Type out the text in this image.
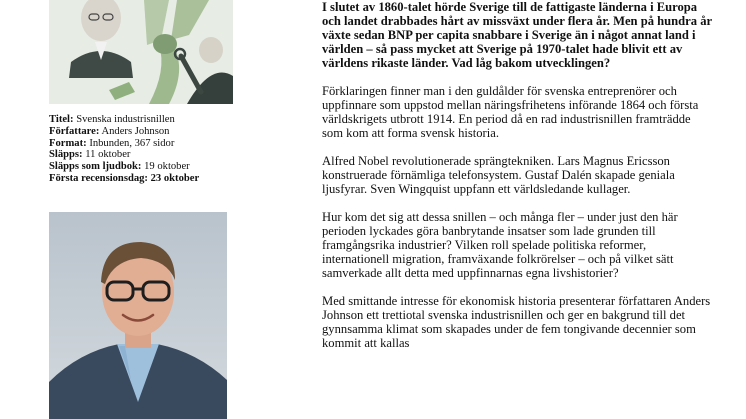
Titel: Svenska industrisnillen
Författare: Anders Johnson
Format: Inbunden, 367 sidor
Släpps: 11 oktober
Släpps som ljudbok: 19 oktober
Första recensionsdag: 23 oktober

I slutet av 1860-talet hörde Sverige till de fattigaste länderna i Europa och landet drabbades hårt av missväxt under flera år. Men på hundra år växte sedan BNP per capita snabbare i Sverige än i något annat land i världen – så pass mycket att Sverige på 1970-talet hade blivit ett av världens rikaste länder. Vad låg bakom utvecklingen?

Förklaringen finner man i den guldålder för svenska entreprenörer och uppfinnare som uppstod mellan näringsfrihetens införande 1864 och första världskrigets utbrott 1914. En period då en rad industrisnillen framträdde som kom att forma svensk historia.

Alfred Nobel revolutionerade sprängtekniken. Lars Magnus Ericsson konstruerade förnämliga telefonsystem. Gustaf Dalén skapade geniala ljusfyrar. Sven Wingquist uppfann ett världsledande kullager.

Hur kom det sig att dessa snillen – och många fler – under just den här perioden lyckades göra banbrytande insatser som lade grunden till framgångsrika industrier? Vilken roll spelade politiska reformer, internationell migration, framväxande folkrörelser – och på vilket sätt samverkade allt detta med uppfinnarnas egna livshistorier?

Med smittande intresse för ekonomisk historia presenterar författaren Anders Johnson ett trettiotal svenska industrisnillen och ger en bakgrund till det gynnsamma klimat som skapades under de fem tongivande decennier som kommit att kallas
